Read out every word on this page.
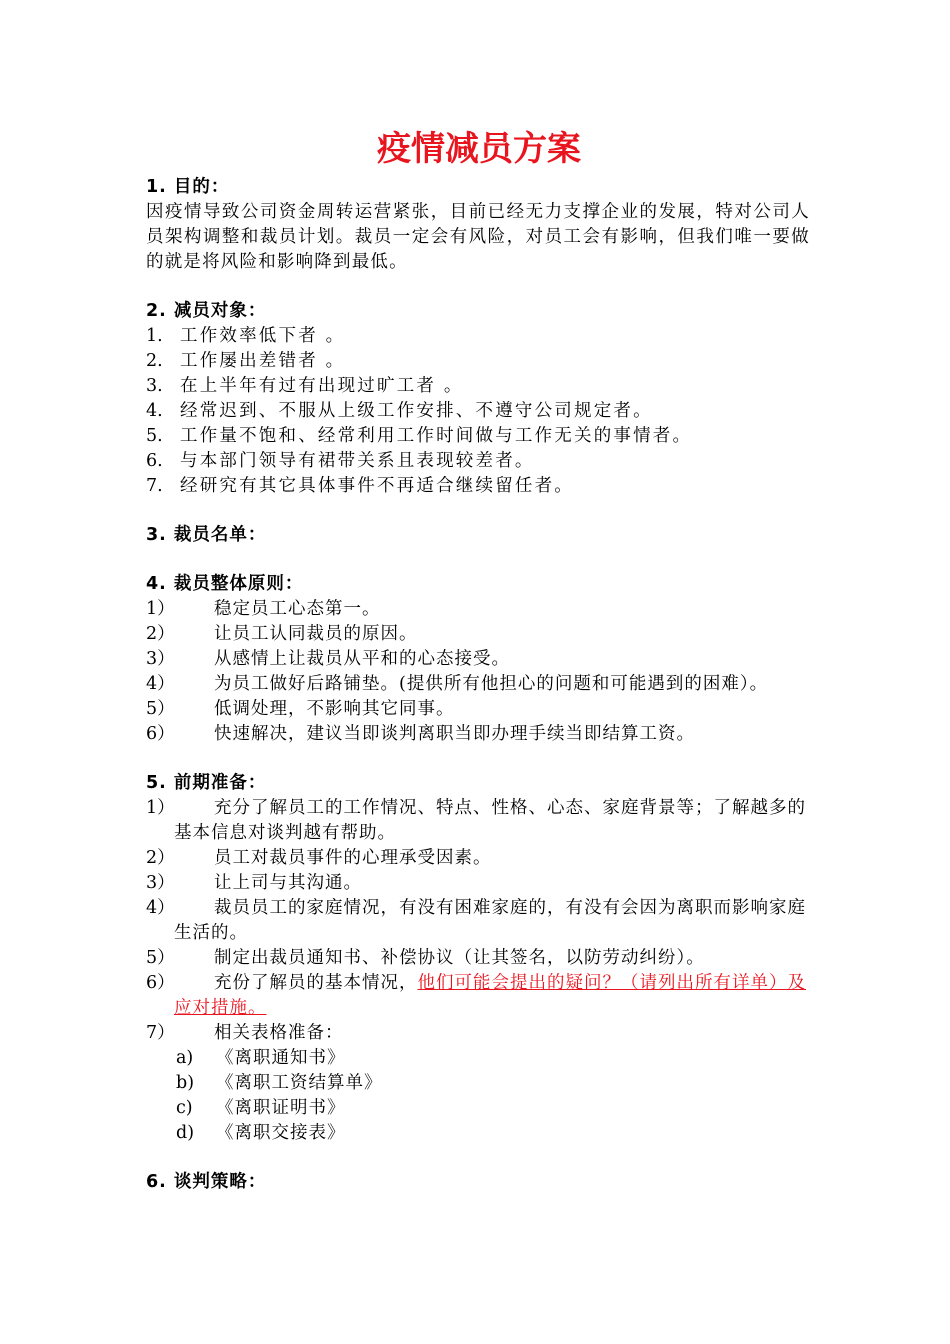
疫情减员方案
1. 目的：
因疫情导致公司资金周转运营紧张，目前已经无力支撑企业的发展，特对公司人员架构调整和裁员计划。裁员一定会有风险，对员工会有影响，但我们唯一要做的就是将风险和影响降到最低。
2. 减员对象：
1. 工作效率低下者 。
2. 工作屡出差错者 。
3. 在上半年有过有出现过旷工者 。
4. 经常迟到、不服从上级工作安排、不遵守公司规定者。
5. 工作量不饱和、经常利用工作时间做与工作无关的事情者。
6. 与本部门领导有裙带关系且表现较差者。
7. 经研究有其它具体事件不再适合继续留任者。
3. 裁员名单：
4. 裁员整体原则：
1）	稳定员工心态第一。
2）	让员工认同裁员的原因。
3）	从感情上让裁员从平和的心态接受。
4）	为员工做好后路铺垫。(提供所有他担心的问题和可能遇到的困难）。
5）	低调处理，不影响其它同事。
6）	快速解决，建议当即谈判离职当即办理手续当即结算工资。
5. 前期准备：
1）	充分了解员工的工作情况、特点、性格、心态、家庭背景等；了解越多的基本信息对谈判越有帮助。
2）	员工对裁员事件的心理承受因素。
3）	让上司与其沟通。
4）	裁员员工的家庭情况，有没有困难家庭的，有没有会因为离职而影响家庭生活的。
5）	制定出裁员通知书、补偿协议（让其签名，以防劳动纠纷）。
6）	充份了解员的基本情况，他们可能会提出的疑问？（请列出所有详单）及应对措施。
7）	相关表格准备：
a) 《离职通知书》
b) 《离职工资结算单》
c) 《离职证明书》
d) 《离职交接表》
6. 谈判策略：
